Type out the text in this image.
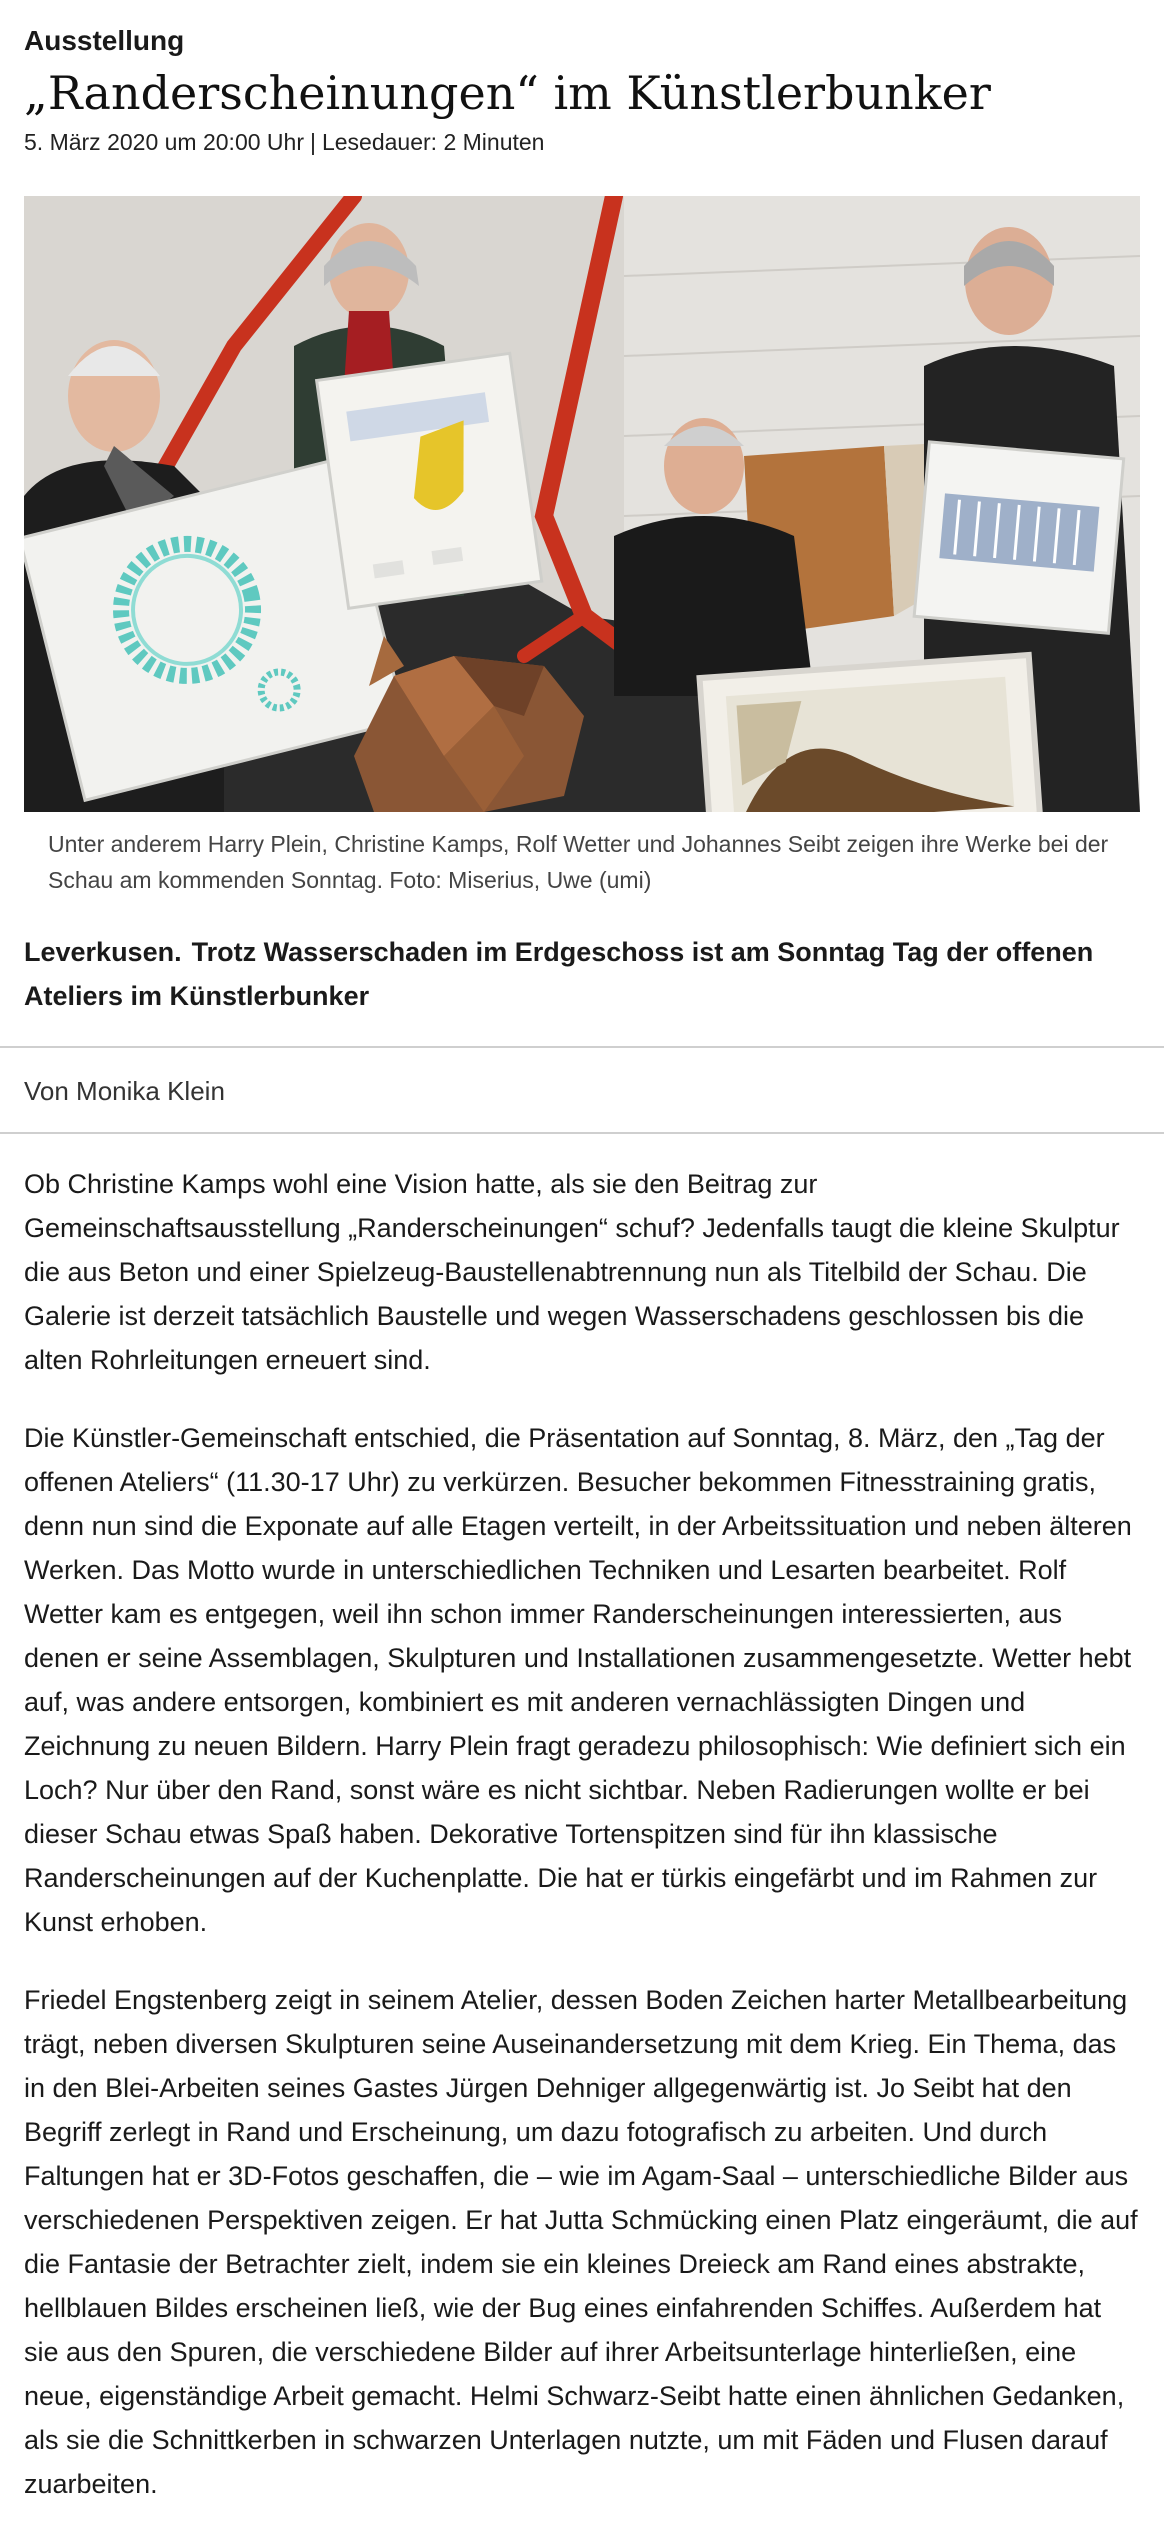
Ausstellung
„Randerscheinungen“ im Künstlerbunker
5. März 2020 um 20:00 Uhr | Lesedauer: 2 Minuten
Unter anderem Harry Plein, Christine Kamps, Rolf Wetter und Johannes Seibt zeigen ihre Werke bei der Schau am kommenden Sonntag. Foto: Miserius, Uwe (umi)
Leverkusen. Trotz Wasserschaden im Erdgeschoss ist am Sonntag Tag der offenen Ateliers im Künstlerbunker
Von Monika Klein

Ob Christine Kamps wohl eine Vision hatte, als sie den Beitrag zur Gemeinschaftsausstellung „Randerscheinungen“ schuf? Jedenfalls taugt die kleine Skulptur die aus Beton und einer Spielzeug-Baustellenabtrennung nun als Titelbild der Schau. Die Galerie ist derzeit tatsächlich Baustelle und wegen Wasserschadens geschlossen bis die alten Rohrleitungen erneuert sind.

Die Künstler-Gemeinschaft entschied, die Präsentation auf Sonntag, 8. März, den „Tag der offenen Ateliers“ (11.30-17 Uhr) zu verkürzen. Besucher bekommen Fitnesstraining gratis, denn nun sind die Exponate auf alle Etagen verteilt, in der Arbeitssituation und neben älteren Werken. Das Motto wurde in unterschiedlichen Techniken und Lesarten bearbeitet. Rolf Wetter kam es entgegen, weil ihn schon immer Randerscheinungen interessierten, aus denen er seine Assemblagen, Skulpturen und Installationen zusammengesetzte. Wetter hebt auf, was andere entsorgen, kombiniert es mit anderen vernachlässigten Dingen und Zeichnung zu neuen Bildern. Harry Plein fragt geradezu philosophisch: Wie definiert sich ein Loch? Nur über den Rand, sonst wäre es nicht sichtbar. Neben Radierungen wollte er bei dieser Schau etwas Spaß haben. Dekorative Tortenspitzen sind für ihn klassische Randerscheinungen auf der Kuchenplatte. Die hat er türkis eingefärbt und im Rahmen zur Kunst erhoben.

Friedel Engstenberg zeigt in seinem Atelier, dessen Boden Zeichen harter Metallbearbeitung trägt, neben diversen Skulpturen seine Auseinandersetzung mit dem Krieg. Ein Thema, das in den Blei-Arbeiten seines Gastes Jürgen Dehniger allgegenwärtig ist. Jo Seibt hat den Begriff zerlegt in Rand und Erscheinung, um dazu fotografisch zu arbeiten. Und durch Faltungen hat er 3D-Fotos geschaffen, die – wie im Agam-Saal – unterschiedliche Bilder aus verschiedenen Perspektiven zeigen. Er hat Jutta Schmücking einen Platz eingeräumt, die auf die Fantasie der Betrachter zielt, indem sie ein kleines Dreieck am Rand eines abstrakte, hellblauen Bildes erscheinen ließ, wie der Bug eines einfahrenden Schiffes. Außerdem hat sie aus den Spuren, die verschiedene Bilder auf ihrer Arbeitsunterlage hinterließen, eine neue, eigenständige Arbeit gemacht. Helmi Schwarz-Seibt hatte einen ähnlichen Gedanken, als sie die Schnittkerben in schwarzen Unterlagen nutzte, um mit Fäden und Flusen darauf zuarbeiten.
